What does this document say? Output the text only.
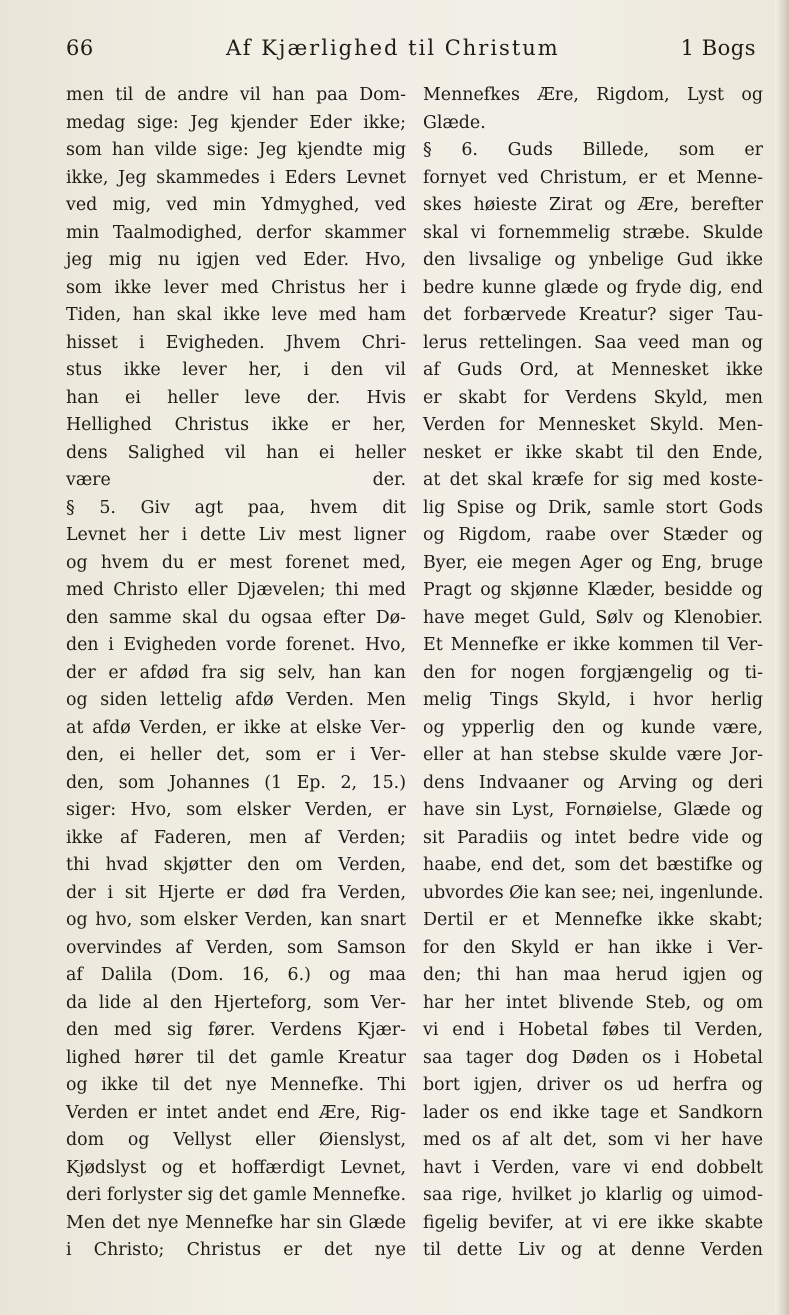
66	Af Kjærlighed til Christum	1 Bogs
men til de andre vil han paa Dom-
medag sige: Jeg kjender Eder ikke;
som han vilde sige: Jeg kjendte mig
ikke, Jeg skammedes i Eders Levnet
ved mig, ved min Ydmyghed, ved
min Taalmodighed, derfor skammer
jeg mig nu igjen ved Eder. Hvo,
som ikke lever med Christus her i
Tiden, han skal ikke leve med ham
hisset i Evigheden. Jhvem Chri-
stus ikke lever her, i den vil
han ei heller leve der. Hvis
Hellighed Christus ikke er her,
dens Salighed vil han ei heller
være der.
§ 5. Giv agt paa, hvem dit
Levnet her i dette Liv mest ligner
og hvem du er mest forenet med,
med Christo eller Djævelen; thi med
den samme skal du ogsaa efter Dø-
den i Evigheden vorde forenet. Hvo,
der er afdød fra sig selv, han kan
og siden lettelig afdø Verden. Men
at afdø Verden, er ikke at elske Ver-
den, ei heller det, som er i Ver-
den, som Johannes (1 Ep. 2, 15.)
siger: Hvo, som elsker Verden, er
ikke af Faderen, men af Verden;
thi hvad skjøtter den om Verden,
der i sit Hjerte er død fra Verden,
og hvo, som elsker Verden, kan snart
overvindes af Verden, som Samson
af Dalila (Dom. 16, 6.) og maa
da lide al den Hjerteforg, som Ver-
den med sig fører. Verdens Kjær-
lighed hører til det gamle Kreatur
og ikke til det nye Mennefke. Thi
Verden er intet andet end Ære, Rig-
dom og Vellyst eller Øienslyst,
Kjødslyst og et hoffærdigt Levnet,
deri forlyster sig det gamle Mennefke.
Men det nye Mennefke har sin Glæde
i Christo; Christus er det nye
Mennefkes Ære, Rigdom, Lyst og
Glæde.
§ 6. Guds Billede, som er
fornyet ved Christum, er et Menne-
skes høieste Zirat og Ære, berefter
skal vi fornemmelig stræbe. Skulde
den livsalige og ynbelige Gud ikke
bedre kunne glæde og fryde dig, end
det forbærvede Kreatur? siger Tau-
lerus rettelingen. Saa veed man og
af Guds Ord, at Mennesket ikke
er skabt for Verdens Skyld, men
Verden for Mennesket Skyld. Men-
nesket er ikke skabt til den Ende,
at det skal kræfe for sig med koste-
lig Spise og Drik, samle stort Gods
og Rigdom, raabe over Stæder og
Byer, eie megen Ager og Eng, bruge
Pragt og skjønne Klæder, besidde og
have meget Guld, Sølv og Klenobier.
Et Mennefke er ikke kommen til Ver-
den for nogen forgjængelig og ti-
melig Tings Skyld, i hvor herlig
og ypperlig den og kunde være,
eller at han stebse skulde være Jor-
dens Indvaaner og Arving og deri
have sin Lyst, Fornøielse, Glæde og
sit Paradiis og intet bedre vide og
haabe, end det, som det bæstifke og
ubvordes Øie kan see; nei, ingenlunde.
Dertil er et Mennefke ikke skabt;
for den Skyld er han ikke i Ver-
den; thi han maa herud igjen og
har her intet blivende Steb, og om
vi end i Hobetal føbes til Verden,
saa tager dog Døden os i Hobetal
bort igjen, driver os ud herfra og
lader os end ikke tage et Sandkorn
med os af alt det, som vi her have
havt i Verden, vare vi end dobbelt
saa rige, hvilket jo klarlig og uimod-
figelig bevifer, at vi ere ikke skabte
til dette Liv og at denne Verden
